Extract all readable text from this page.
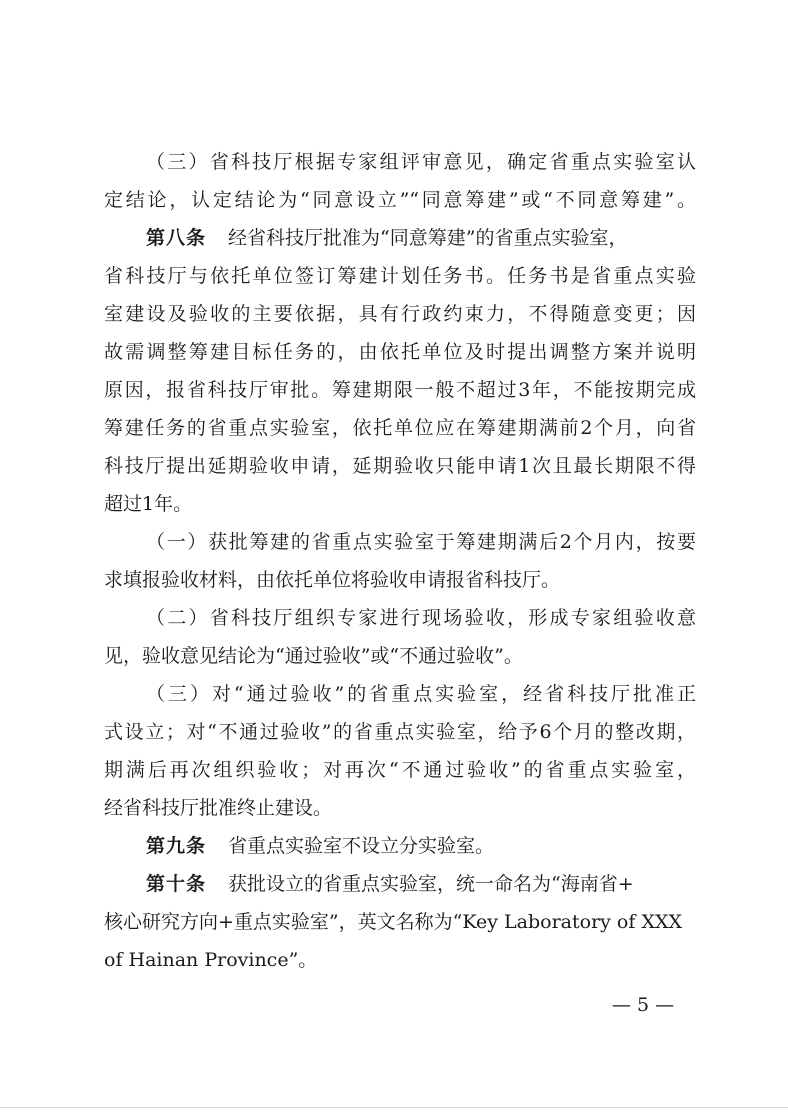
（三）省科技厅根据专家组评审意见，确定省重点实验室认
定结论，认定结论为“同意设立”“同意筹建”或“不同意筹建”。
第八条 经省科技厅批准为“同意筹建”的省重点实验室，
省科技厅与依托单位签订筹建计划任务书。任务书是省重点实验
室建设及验收的主要依据，具有行政约束力，不得随意变更；因
故需调整筹建目标任务的，由依托单位及时提出调整方案并说明
原因，报省科技厅审批。筹建期限一般不超过3年，不能按期完成
筹建任务的省重点实验室，依托单位应在筹建期满前2个月，向省
科技厅提出延期验收申请，延期验收只能申请1次且最长期限不得
超过1年。
（一）获批筹建的省重点实验室于筹建期满后2个月内，按要
求填报验收材料，由依托单位将验收申请报省科技厅。
（二）省科技厅组织专家进行现场验收，形成专家组验收意
见，验收意见结论为“通过验收”或“不通过验收”。
（三）对“通过验收”的省重点实验室，经省科技厅批准正
式设立；对“不通过验收”的省重点实验室，给予6个月的整改期，
期满后再次组织验收；对再次“不通过验收”的省重点实验室，
经省科技厅批准终止建设。
第九条 省重点实验室不设立分实验室。
第十条 获批设立的省重点实验室，统一命名为“海南省+
核心研究方向+重点实验室”，英文名称为“Key Laboratory of XXX
of Hainan Province”。
— 5 —
